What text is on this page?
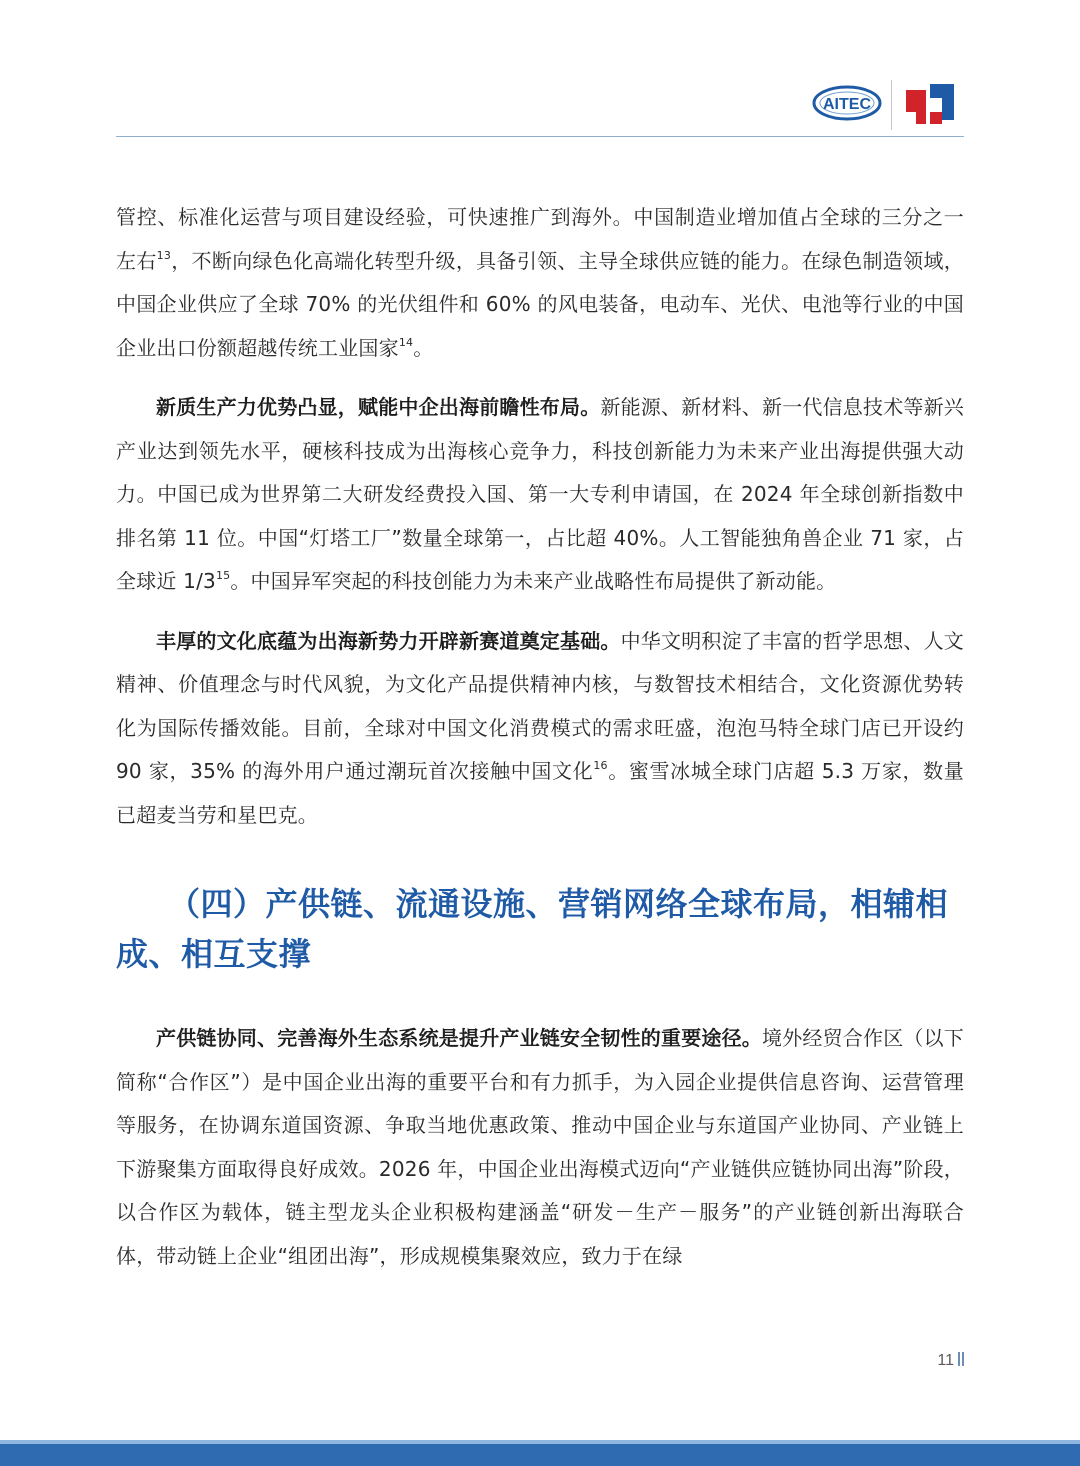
AITEC

管控、标准化运营与项目建设经验，可快速推广到海外。中国制造业增加值占全球的三分之一左右$^{13}$，不断向绿色化高端化转型升级，具备引领、主导全球供应链的能力。在绿色制造领域，中国企业供应了全球 70% 的光伏组件和 60% 的风电装备，电动车、光伏、电池等行业的中国企业出口份额超越传统工业国家$^{14}$。

新质生产力优势凸显，赋能中企出海前瞻性布局。新能源、新材料、新一代信息技术等新兴产业达到领先水平，硬核科技成为出海核心竞争力，科技创新能力为未来产业出海提供强大动力。中国已成为世界第二大研发经费投入国、第一大专利申请国，在 2024 年全球创新指数中排名第 11 位。中国“灯塔工厂”数量全球第一，占比超 40%。人工智能独角兽企业 71 家，占全球近 $1/3^{15}$。中国异军突起的科技创能力为未来产业战略性布局提供了新动能。

丰厚的文化底蕴为出海新势力开辟新赛道奠定基础。中华文明积淀了丰富的哲学思想、人文精神、价值理念与时代风貌，为文化产品提供精神内核，与数智技术相结合，文化资源优势转化为国际传播效能。目前，全球对中国文化消费模式的需求旺盛，泡泡马特全球门店已开设约 90 家，35% 的海外用户通过潮玩首次接触中国文化$^{16}$。蜜雪冰城全球门店超 5.3 万家，数量已超麦当劳和星巴克。

（四）产供链、流通设施、营销网络全球布局，相辅相成、相互支撑

产供链协同、完善海外生态系统是提升产业链安全韧性的重要途径。境外经贸合作区（以下简称“合作区”）是中国企业出海的重要平台和有力抓手，为入园企业提供信息咨询、运营管理等服务，在协调东道国资源、争取当地优惠政策、推动中国企业与东道国产业协同、产业链上下游聚集方面取得良好成效。2026 年，中国企业出海模式迈向“产业链供应链协同出海”阶段，以合作区为载体，链主型龙头企业积极构建涵盖“研发－生产－服务”的产业链创新出海联合体，带动链上企业“组团出海”，形成规模集聚效应，致力于在绿

11
